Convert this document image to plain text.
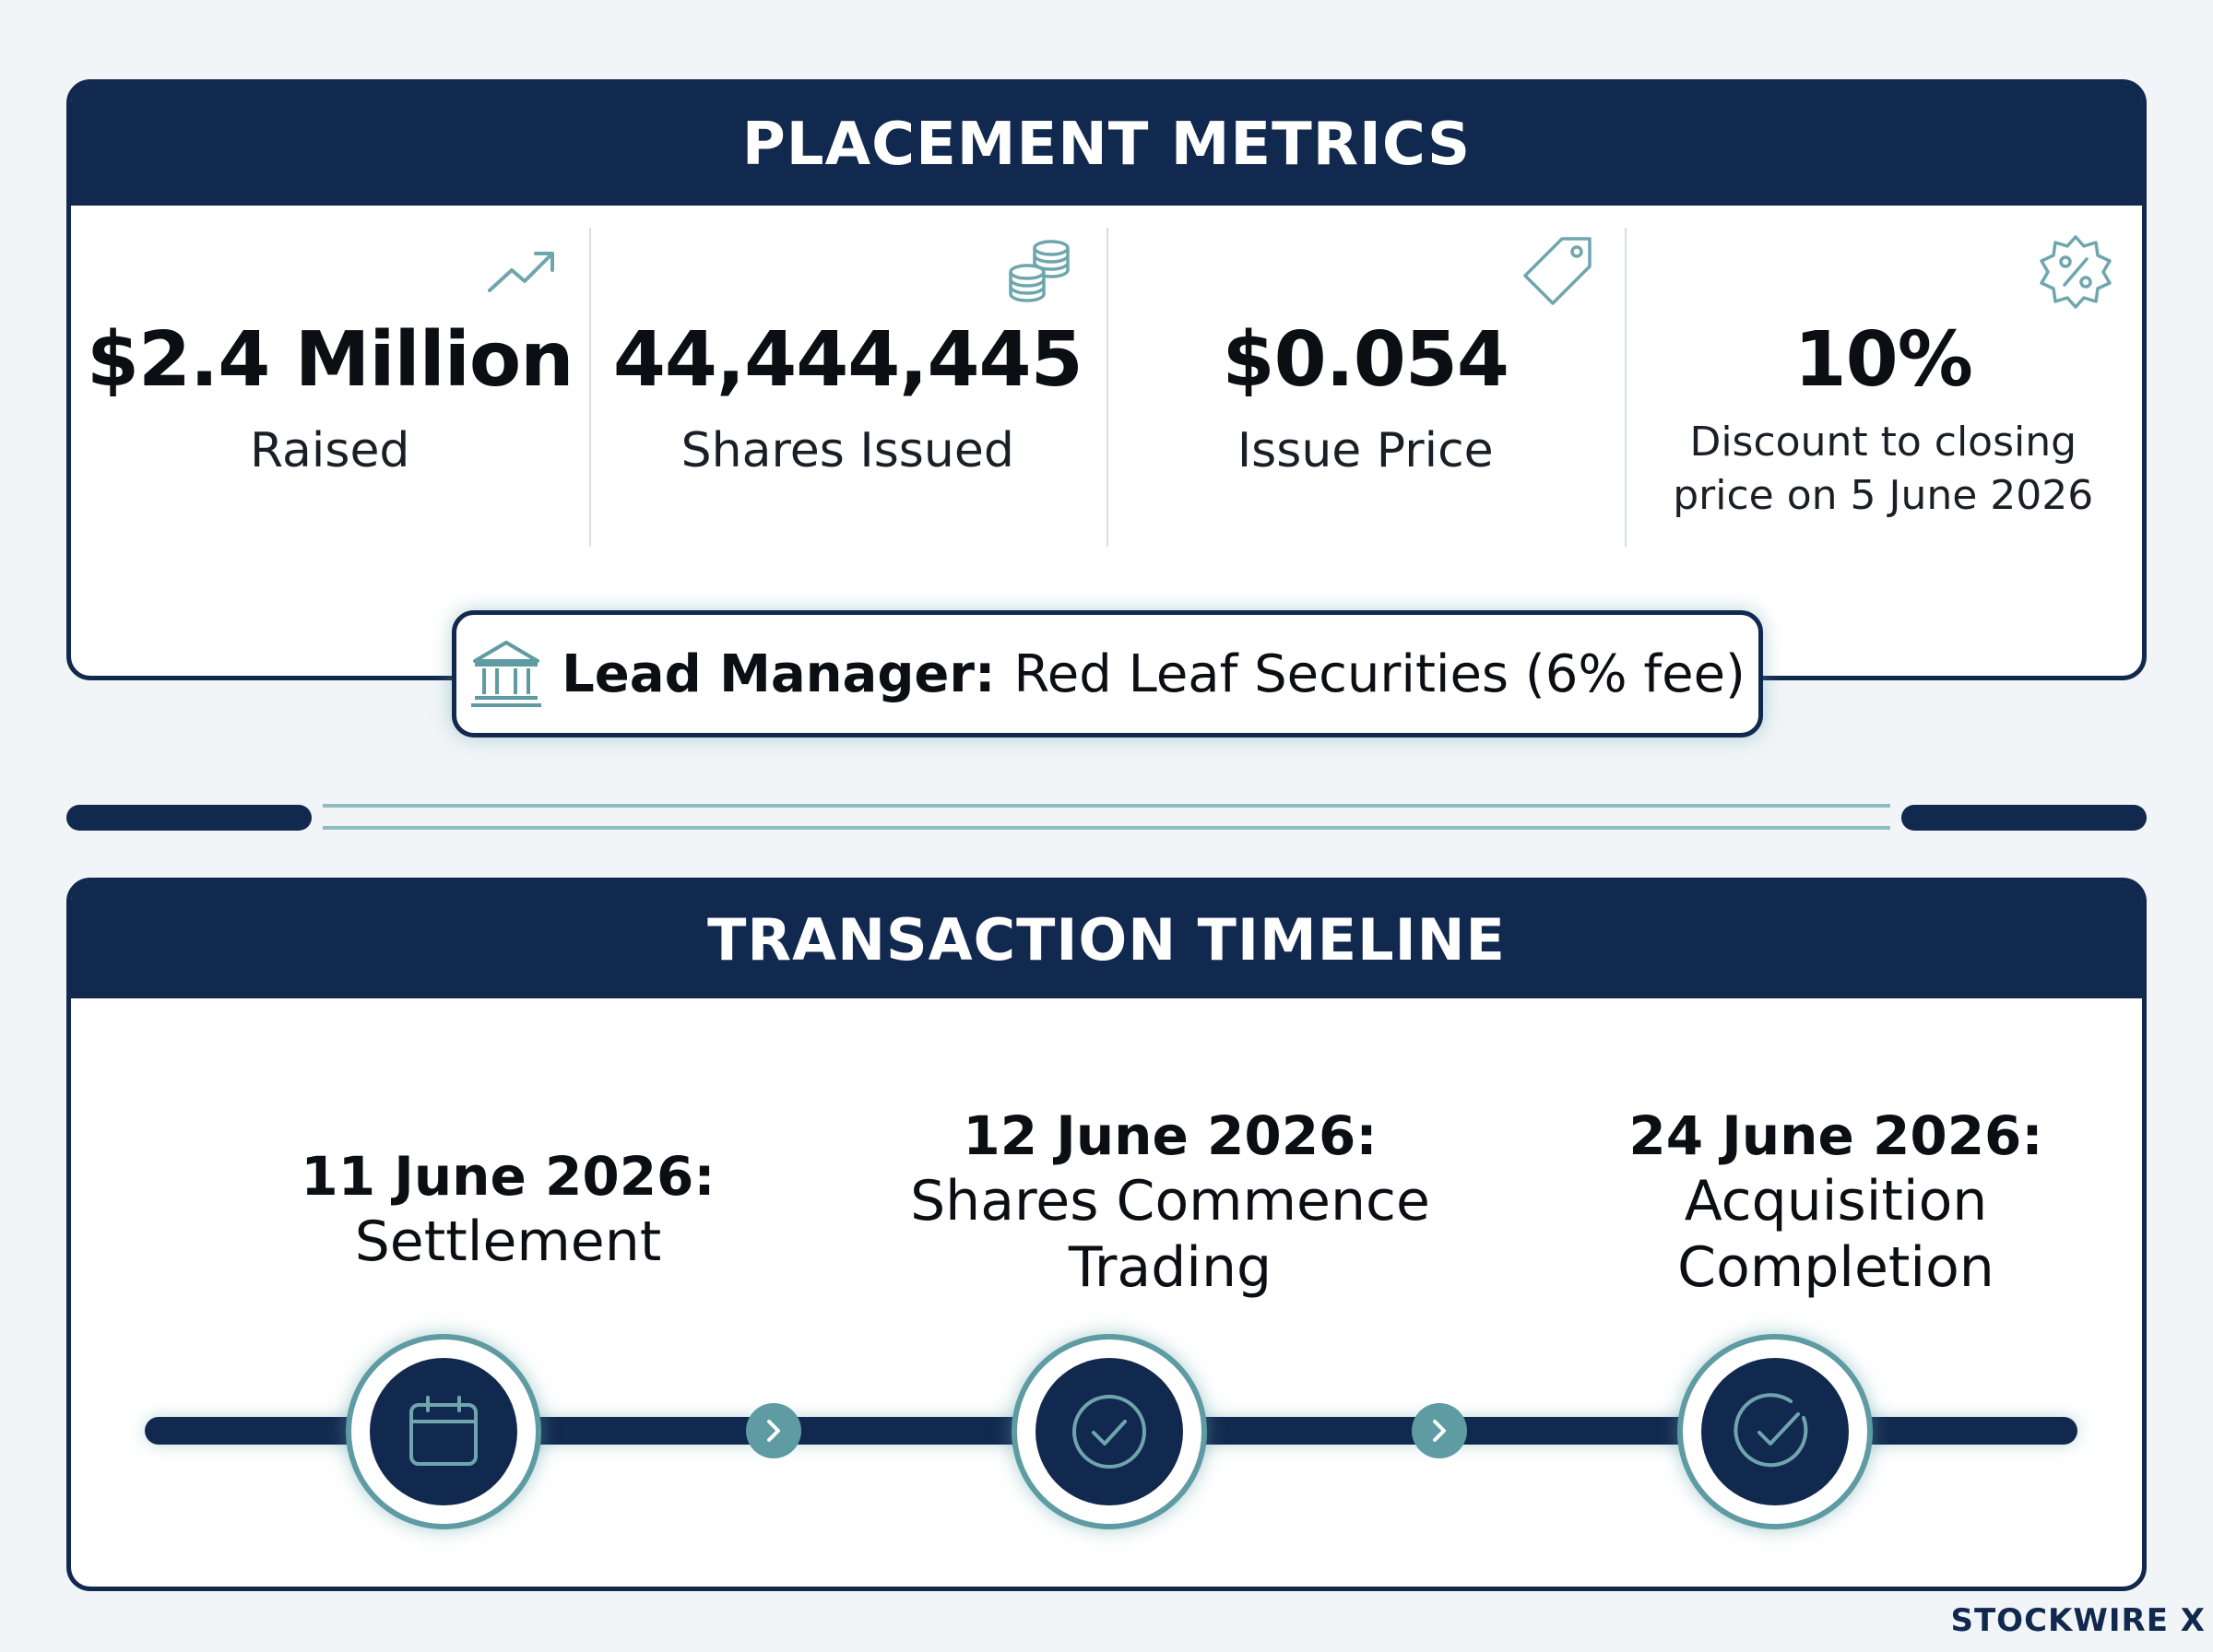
PLACEMENT METRICS
$2.4 Million
Raised
44,444,445
Shares Issued
$0.054
Issue Price
10%
Discount to closing
price on 5 June 2026
Lead Manager: Red Leaf Securities (6% fee)
TRANSACTION TIMELINE
11 June 2026:
Settlement
12 June 2026:
Shares Commence
Trading
24 June 2026:
Acquisition
Completion
STOCKWIRE X
